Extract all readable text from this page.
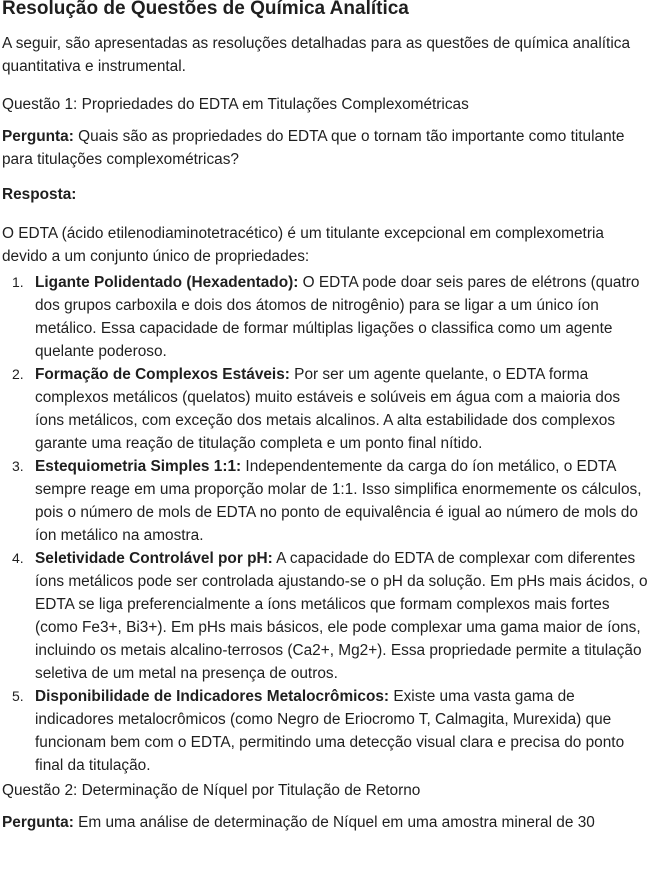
Resolução de Questões de Química Analítica

A seguir, são apresentadas as resoluções detalhadas para as questões de química analítica quantitativa e instrumental.

Questão 1: Propriedades do EDTA em Titulações Complexométricas

Pergunta: Quais são as propriedades do EDTA que o tornam tão importante como titulante para titulações complexométricas?

Resposta:

O EDTA (ácido etilenodiaminotetracético) é um titulante excepcional em complexometria devido a um conjunto único de propriedades:

1. Ligante Polidentado (Hexadentado): O EDTA pode doar seis pares de elétrons (quatro dos grupos carboxila e dois dos átomos de nitrogênio) para se ligar a um único íon metálico. Essa capacidade de formar múltiplas ligações o classifica como um agente quelante poderoso.
2. Formação de Complexos Estáveis: Por ser um agente quelante, o EDTA forma complexos metálicos (quelatos) muito estáveis e solúveis em água com a maioria dos íons metálicos, com exceção dos metais alcalinos. A alta estabilidade dos complexos garante uma reação de titulação completa e um ponto final nítido.
3. Estequiometria Simples 1:1: Independentemente da carga do íon metálico, o EDTA sempre reage em uma proporção molar de 1:1. Isso simplifica enormemente os cálculos, pois o número de mols de EDTA no ponto de equivalência é igual ao número de mols do íon metálico na amostra.
4. Seletividade Controlável por pH: A capacidade do EDTA de complexar com diferentes íons metálicos pode ser controlada ajustando-se o pH da solução. Em pHs mais ácidos, o EDTA se liga preferencialmente a íons metálicos que formam complexos mais fortes (como Fe3+, Bi3+). Em pHs mais básicos, ele pode complexar uma gama maior de íons, incluindo os metais alcalino-terrosos (Ca2+, Mg2+). Essa propriedade permite a titulação seletiva de um metal na presença de outros.
5. Disponibilidade de Indicadores Metalocrômicos: Existe uma vasta gama de indicadores metalocrômicos (como Negro de Eriocromo T, Calmagita, Murexida) que funcionam bem com o EDTA, permitindo uma detecção visual clara e precisa do ponto final da titulação.

Questão 2: Determinação de Níquel por Titulação de Retorno

Pergunta: Em uma análise de determinação de Níquel em uma amostra mineral de 30
